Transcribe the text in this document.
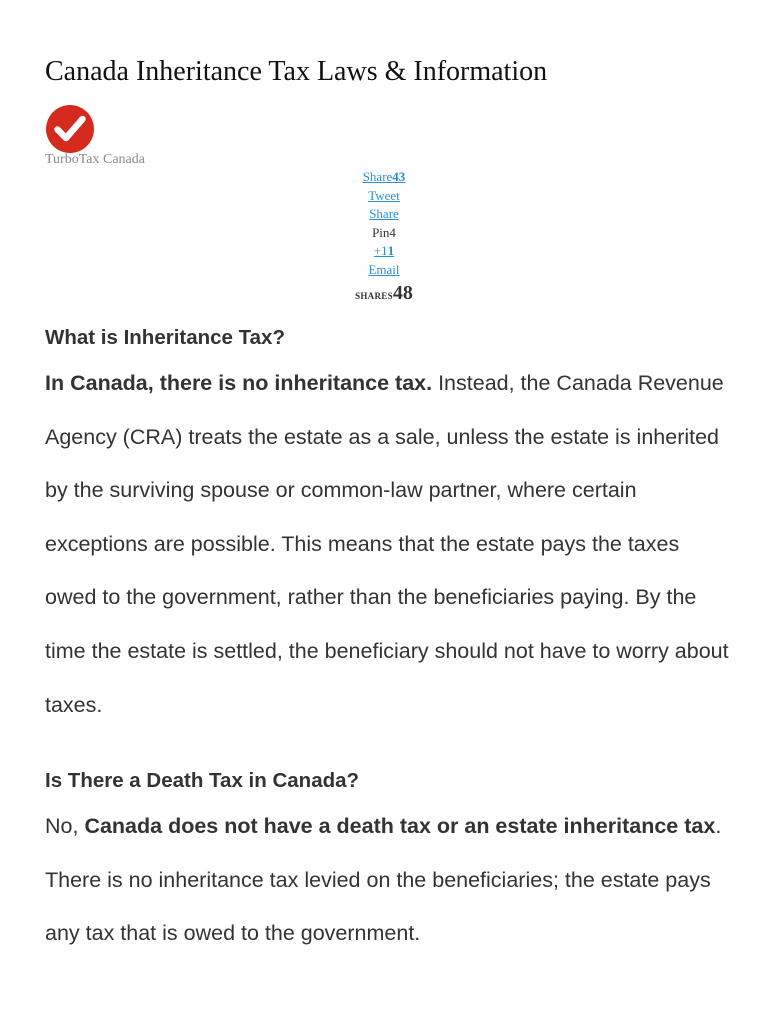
Canada Inheritance Tax Laws & Information
TurboTax Canada
Share43
Tweet
Share
Pin4
+11
Email
SHARES48
What is Inheritance Tax?

In Canada, there is no inheritance tax. Instead, the Canada Revenue Agency (CRA) treats the estate as a sale, unless the estate is inherited by the surviving spouse or common-law partner, where certain exceptions are possible. This means that the estate pays the taxes owed to the government, rather than the beneficiaries paying. By the time the estate is settled, the beneficiary should not have to worry about taxes.

Is There a Death Tax in Canada?

No, Canada does not have a death tax or an estate inheritance tax. There is no inheritance tax levied on the beneficiaries; the estate pays any tax that is owed to the government.
